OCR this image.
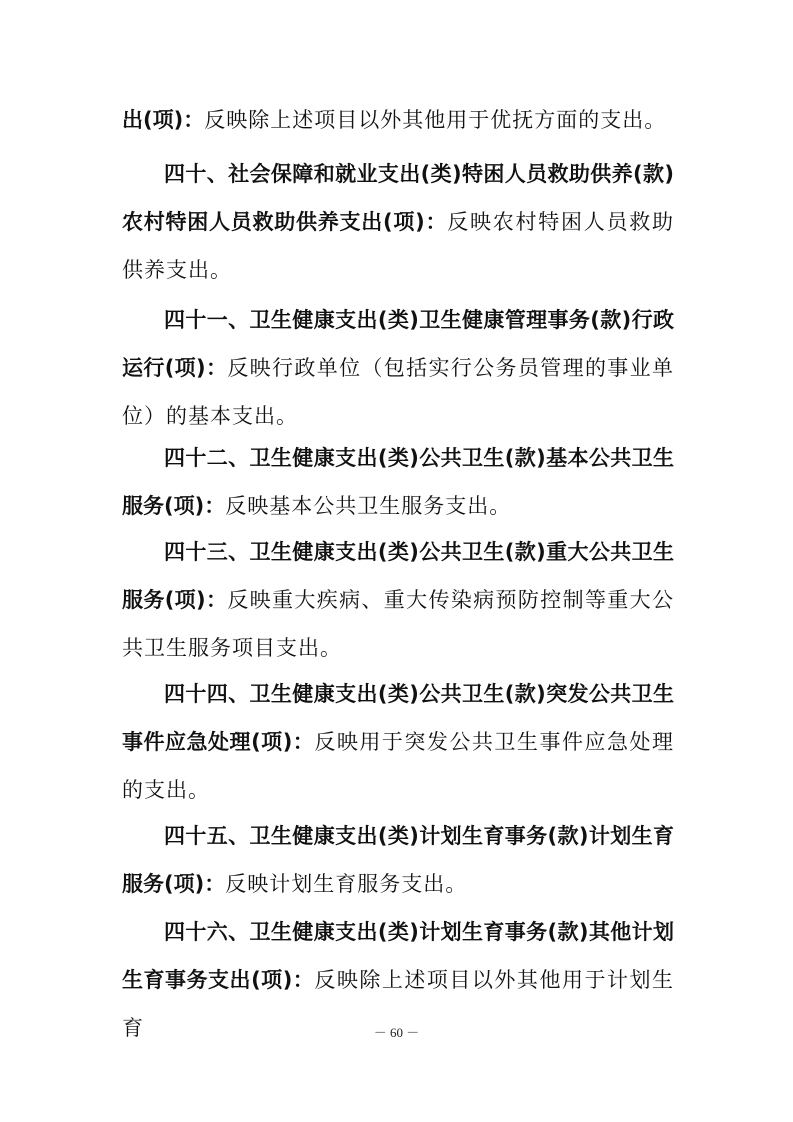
出(项)：反映除上述项目以外其他用于优抚方面的支出。

四十、社会保障和就业支出(类)特困人员救助供养(款)农村特困人员救助供养支出(项)：反映农村特困人员救助供养支出。

四十一、卫生健康支出(类)卫生健康管理事务(款)行政运行(项)：反映行政单位（包括实行公务员管理的事业单位）的基本支出。

四十二、卫生健康支出(类)公共卫生(款)基本公共卫生服务(项)：反映基本公共卫生服务支出。

四十三、卫生健康支出(类)公共卫生(款)重大公共卫生服务(项)：反映重大疾病、重大传染病预防控制等重大公共卫生服务项目支出。

四十四、卫生健康支出(类)公共卫生(款)突发公共卫生事件应急处理(项)：反映用于突发公共卫生事件应急处理的支出。

四十五、卫生健康支出(类)计划生育事务(款)计划生育服务(项)：反映计划生育服务支出。

四十六、卫生健康支出(类)计划生育事务(款)其他计划生育事务支出(项)：反映除上述项目以外其他用于计划生育	－ 60 －
